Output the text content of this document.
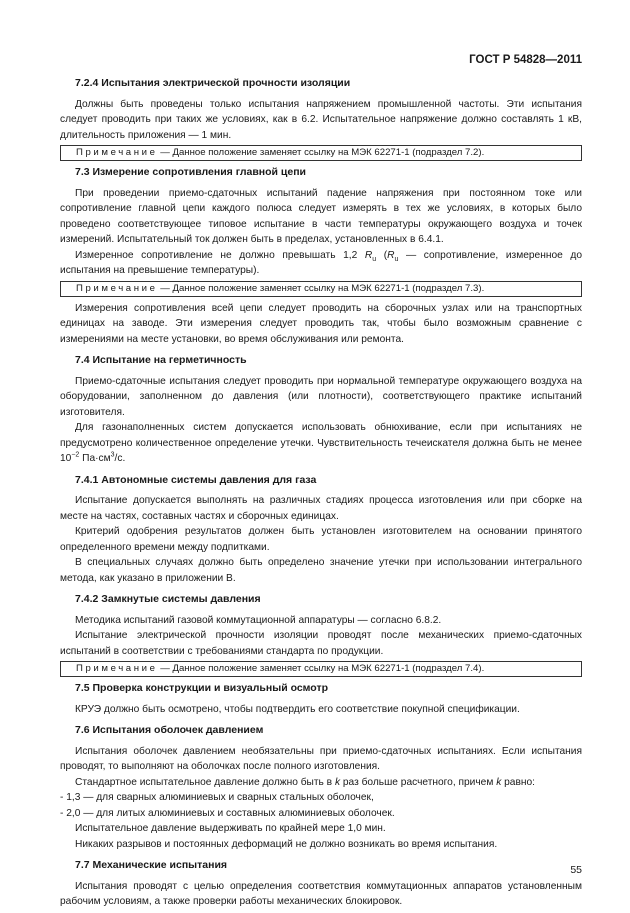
ГОСТ Р 54828—2011
7.2.4 Испытания электрической прочности изоляции

Должны быть проведены только испытания напряжением промышленной частоты. Эти испытания следует проводить при таких же условиях, как в 6.2. Испытательное напряжение должно составлять 1 кВ, длительность приложения — 1 мин.

Примечание — Данное положение заменяет ссылку на МЭК 62271-1 (подраздел 7.2).
7.3 Измерение сопротивления главной цепи

При проведении приемо-сдаточных испытаний падение напряжения при постоянном токе или сопротивление главной цепи каждого полюса следует измерять в тех же условиях, в которых было проведено соответствующее типовое испытание в части температуры окружающего воздуха и точек измерений. Испытательный ток должен быть в пределах, установленных в 6.4.1.

Измеренное сопротивление не должно превышать 1,2 $R_u$ ($R_u$ — сопротивление, измеренное до испытания на превышение температуры).

Примечание — Данное положение заменяет ссылку на МЭК 62271-1 (подраздел 7.3).

Измерения сопротивления всей цепи следует проводить на сборочных узлах или на транспортных единицах на заводе. Эти измерения следует проводить так, чтобы было возможным сравнение с измерениями на месте установки, во время обслуживания или ремонта.

7.4 Испытание на герметичность

Приемо-сдаточные испытания следует проводить при нормальной температуре окружающего воздуха на оборудовании, заполненном до давления (или плотности), соответствующего практике испытаний изготовителя.

Для газонаполненных систем допускается использовать обнюхивание, если при испытаниях не предусмотрено количественное определение утечки. Чувствительность течеискателя должна быть не менее $10^{-2}$ $Па\cdot см^3/с$.

7.4.1 Автономные системы давления для газа

Испытание допускается выполнять на различных стадиях процесса изготовления или при сборке на месте на частях, составных частях и сборочных единицах.

Критерий одобрения результатов должен быть установлен изготовителем на основании принятого определенного времени между подпитками.

В специальных случаях должно быть определено значение утечки при использовании интегрального метода, как указано в приложении В.

7.4.2 Замкнутые системы давления

Методика испытаний газовой коммутационной аппаратуры — согласно 6.8.2.

Испытание электрической прочности изоляции проводят после механических приемо-сдаточных испытаний в соответствии с требованиями стандарта по продукции.

Примечание — Данное положение заменяет ссылку на МЭК 62271-1 (подраздел 7.4).
7.5 Проверка конструкции и визуальный осмотр

КРУЭ должно быть осмотрено, чтобы подтвердить его соответствие покупной спецификации.

7.6 Испытания оболочек давлением

Испытания оболочек давлением необязательны при приемо-сдаточных испытаниях. Если испытания проводят, то выполняют на оболочках после полного изготовления.

Стандартное испытательное давление должно быть в k раз больше расчетного, причем k равно:

- 1,3 — для сварных алюминиевых и сварных стальных оболочек,

- 2,0 — для литых алюминиевых и составных алюминиевых оболочек.

Испытательное давление выдерживать по крайней мере 1,0 мин.

Никаких разрывов и постоянных деформаций не должно возникать во время испытания.

7.7 Механические испытания

Испытания проводят с целью определения соответствия коммутационных аппаратов установленным рабочим условиям, а также проверки работы механических блокировок.

55
